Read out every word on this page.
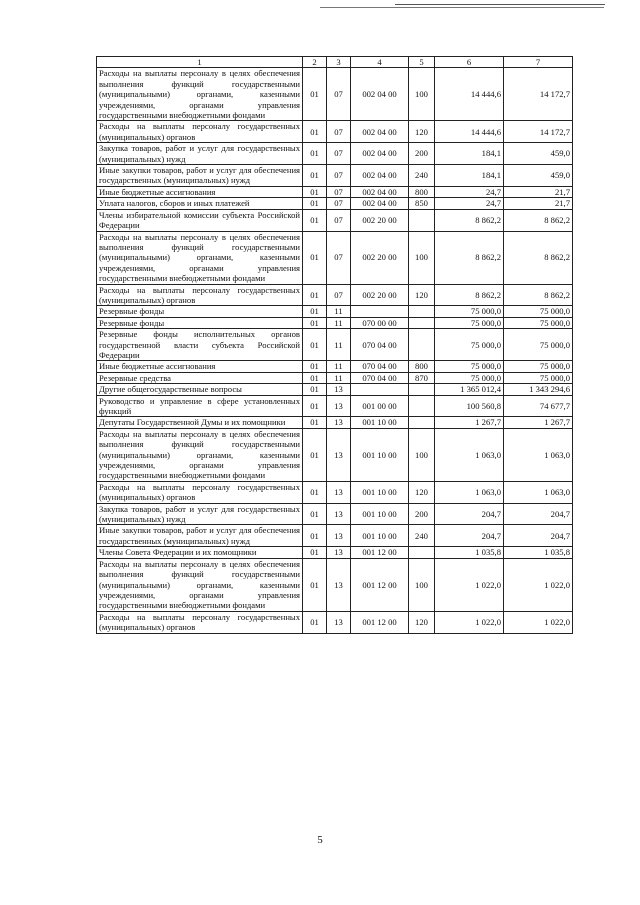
1	2	3	4	5	6	7
Расходы на выплаты персоналу в целях обеспечения выполнения функций государственными (муниципальными) органами, казенными учреждениями, органами управления государственными внебюджетными фондами	01	07	002 04 00	100	14 444,6	14 172,7
Расходы на выплаты персоналу государственных (муниципальных) органов	01	07	002 04 00	120	14 444,6	14 172,7
Закупка товаров, работ и услуг для государственных (муниципальных) нужд	01	07	002 04 00	200	184,1	459,0
Иные закупки товаров, работ и услуг для обеспечения государственных (муниципальных) нужд	01	07	002 04 00	240	184,1	459,0
Иные бюджетные ассигнования	01	07	002 04 00	800	24,7	21,7
Уплата налогов, сборов и иных платежей	01	07	002 04 00	850	24,7	21,7
Члены избирательной комиссии субъекта Российской Федерации	01	07	002 20 00		8 862,2	8 862,2
Расходы на выплаты персоналу в целях обеспечения выполнения функций государственными (муниципальными) органами, казенными учреждениями, органами управления государственными внебюджетными фондами	01	07	002 20 00	100	8 862,2	8 862,2
Расходы на выплаты персоналу государственных (муниципальных) органов	01	07	002 20 00	120	8 862,2	8 862,2
Резервные фонды	01	11			75 000,0	75 000,0
Резервные фонды	01	11	070 00 00		75 000,0	75 000,0
Резервные фонды исполнительных органов государственной власти субъекта Российской Федерации	01	11	070 04 00		75 000,0	75 000,0
Иные бюджетные ассигнования	01	11	070 04 00	800	75 000,0	75 000,0
Резервные средства	01	11	070 04 00	870	75 000,0	75 000,0
Другие общегосударственные вопросы	01	13			1 365 012,4	1 343 294,6
Руководство и управление в сфере установленных функций	01	13	001 00 00		100 560,8	74 677,7
Депутаты Государственной Думы и их помощники	01	13	001 10 00		1 267,7	1 267,7
Расходы на выплаты персоналу в целях обеспечения выполнения функций государственными (муниципальными) органами, казенными учреждениями, органами управления государственными внебюджетными фондами	01	13	001 10 00	100	1 063,0	1 063,0
Расходы на выплаты персоналу государственных (муниципальных) органов	01	13	001 10 00	120	1 063,0	1 063,0
Закупка товаров, работ и услуг для государственных (муниципальных) нужд	01	13	001 10 00	200	204,7	204,7
Иные закупки товаров, работ и услуг для обеспечения государственных (муниципальных) нужд	01	13	001 10 00	240	204,7	204,7
Члены Совета Федерации и их помощники	01	13	001 12 00		1 035,8	1 035,8
Расходы на выплаты персоналу в целях обеспечения выполнения функций государственными (муниципальными) органами, казенными учреждениями, органами управления государственными внебюджетными фондами	01	13	001 12 00	100	1 022,0	1 022,0
Расходы на выплаты персоналу государственных (муниципальных) органов	01	13	001 12 00	120	1 022,0	1 022,0
5
